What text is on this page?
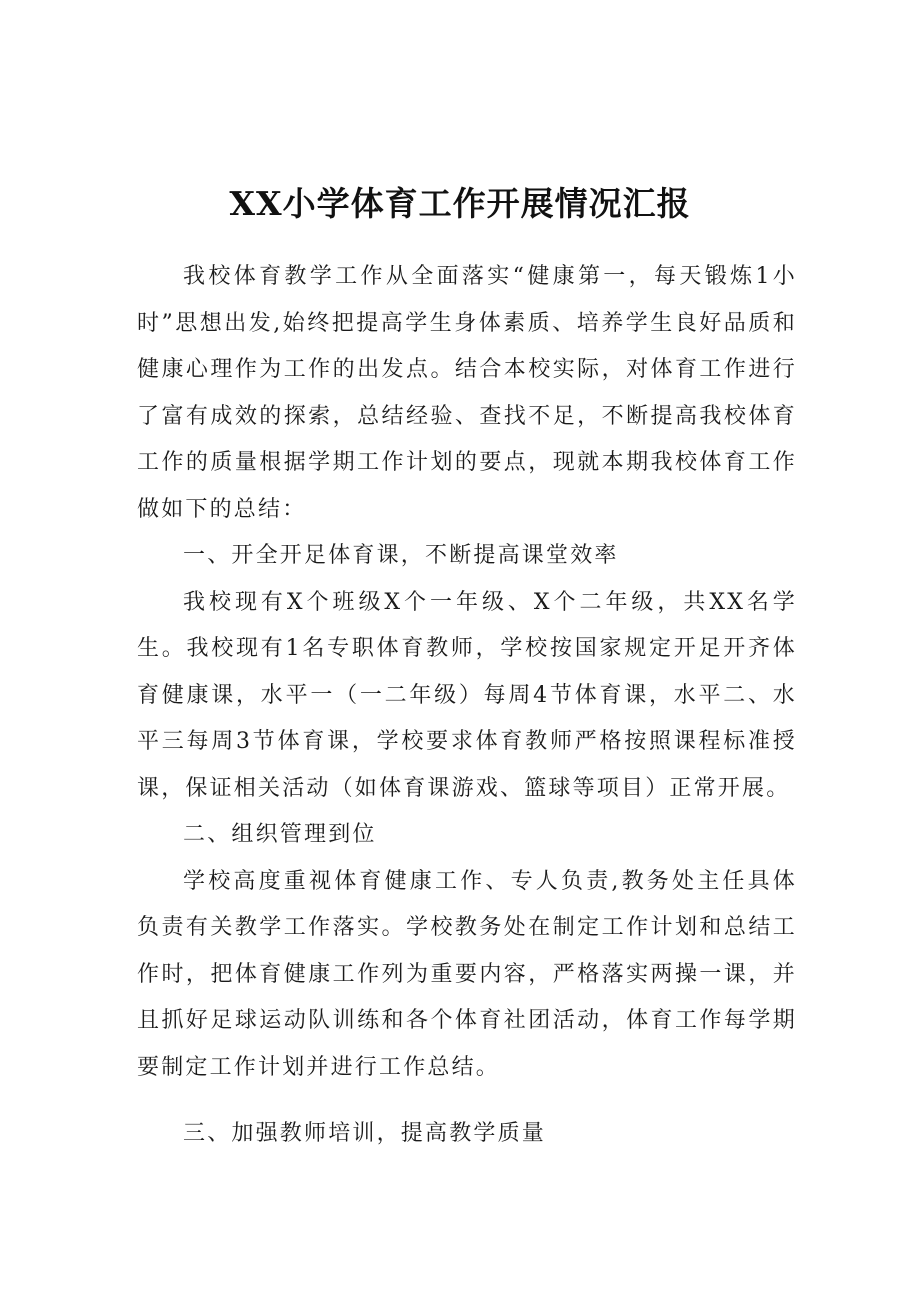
XX小学体育工作开展情况汇报

我校体育教学工作从全面落实“健康第一，每天锻炼1小时”思想出发,始终把提高学生身体素质、培养学生良好品质和健康心理作为工作的出发点。结合本校实际，对体育工作进行了富有成效的探索，总结经验、查找不足，不断提高我校体育工作的质量根据学期工作计划的要点，现就本期我校体育工作做如下的总结：

一、开全开足体育课，不断提高课堂效率

我校现有X个班级X个一年级、X个二年级，共XX名学生。我校现有1名专职体育教师，学校按国家规定开足开齐体育健康课，水平一（一二年级）每周4节体育课，水平二、水平三每周3节体育课，学校要求体育教师严格按照课程标准授课，保证相关活动（如体育课游戏、篮球等项目）正常开展。

二、组织管理到位

学校高度重视体育健康工作、专人负责,教务处主任具体负责有关教学工作落实。学校教务处在制定工作计划和总结工作时，把体育健康工作列为重要内容，严格落实两操一课，并且抓好足球运动队训练和各个体育社团活动，体育工作每学期要制定工作计划并进行工作总结。

三、加强教师培训，提高教学质量
